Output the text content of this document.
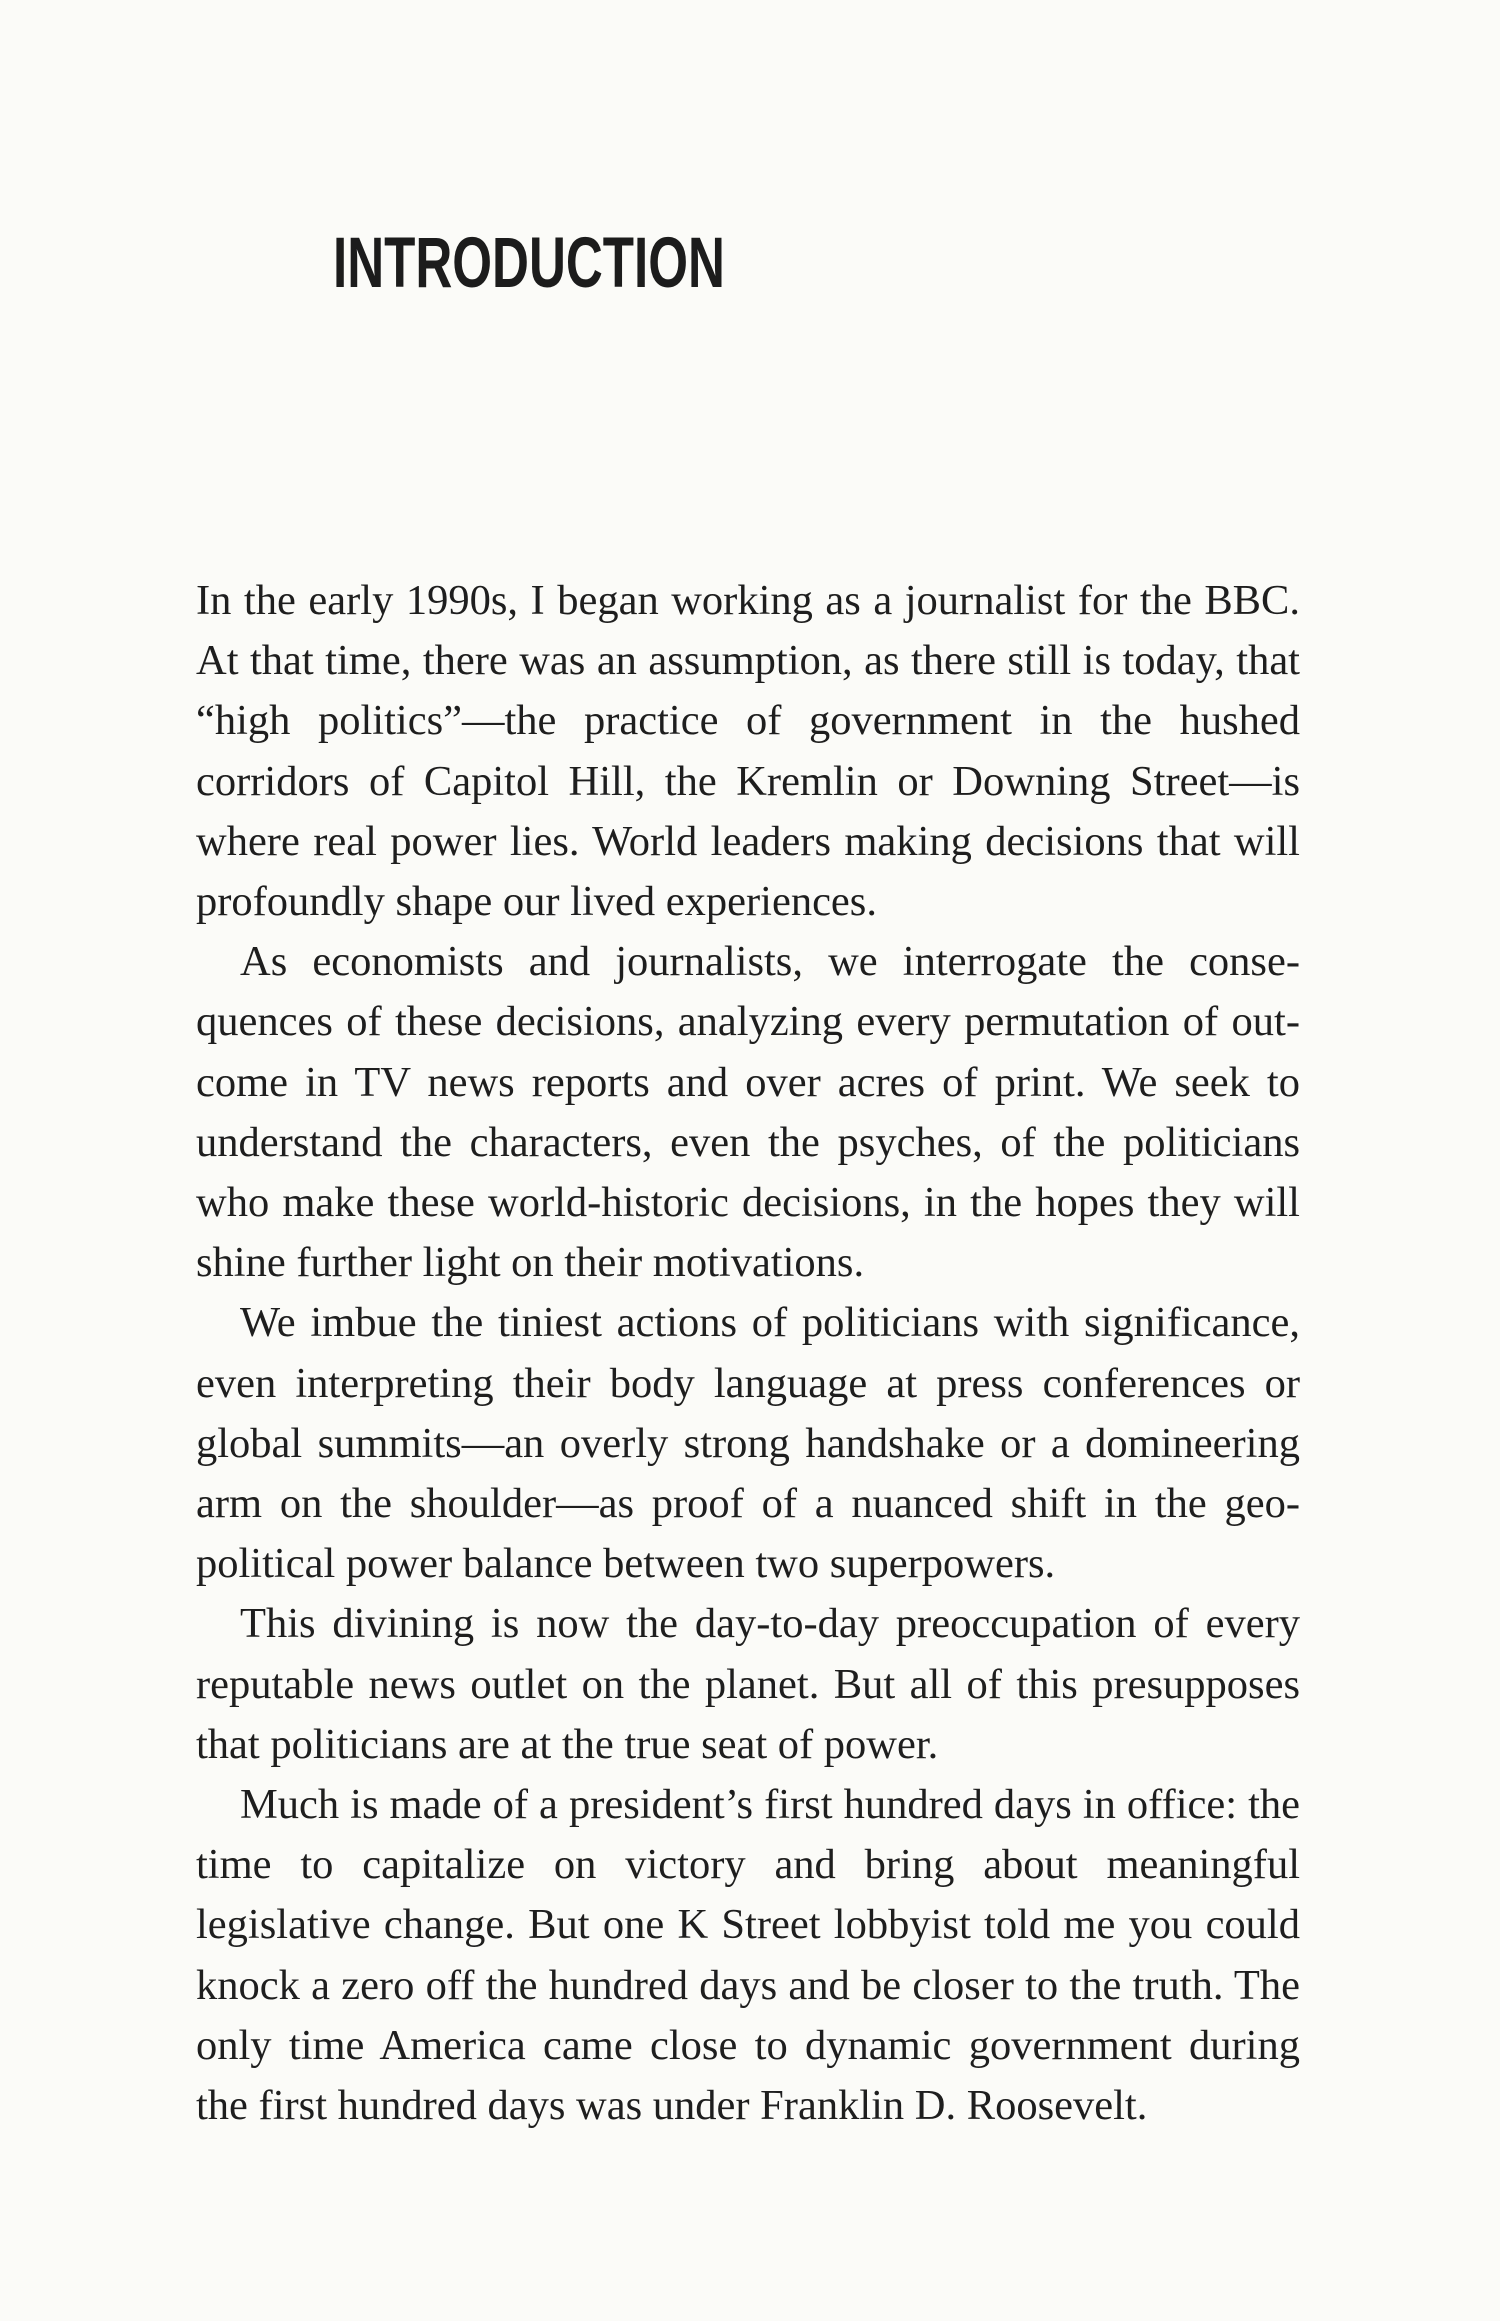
INTRODUCTION

In the early 1990s, I began working as a journalist for the BBC. At that time, there was an assumption, as there still is today, that “high politics”—the practice of government in the hushed corridors of Capitol Hill, the Kremlin or Downing Street—is where real power lies. World leaders making decisions that will profoundly shape our lived experiences.

As economists and journalists, we interrogate the consequences of these decisions, analyzing every permutation of outcome in TV news reports and over acres of print. We seek to understand the characters, even the psyches, of the politicians who make these world-historic decisions, in the hopes they will shine further light on their motivations.

We imbue the tiniest actions of politicians with significance, even interpreting their body language at press conferences or global summits—an overly strong handshake or a domineering arm on the shoulder—as proof of a nuanced shift in the geopolitical power balance between two superpowers.

This divining is now the day-to-day preoccupation of every reputable news outlet on the planet. But all of this presupposes that politicians are at the true seat of power.

Much is made of a president’s first hundred days in office: the time to capitalize on victory and bring about meaningful legislative change. But one K Street lobbyist told me you could knock a zero off the hundred days and be closer to the truth. The only time America came close to dynamic government during the first hundred days was under Franklin D. Roosevelt.
